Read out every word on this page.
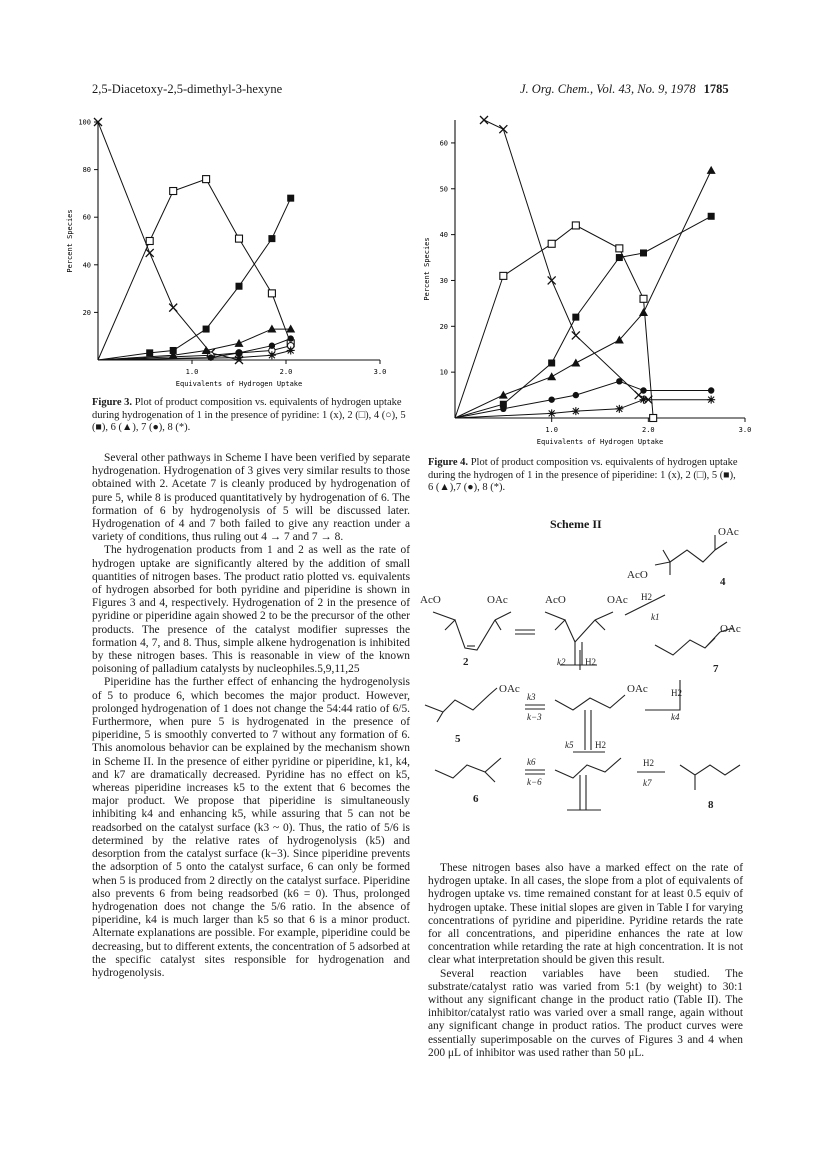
2,5-Diacetoxy-2,5-dimethyl-3-hexyne	J. Org. Chem., Vol. 43, No. 9, 1978 1785
1.0	2.0	3.0
20
40
60
80
100
Equivalents of Hydrogen Uptake
Percent Species
Figure 3. Plot of product composition vs. equivalents of hydrogen uptake during hydrogenation of 1 in the presence of pyridine: 1 (x), 2 (□), 4 (○), 5 (■), 6 (▲), 7 (●), 8 (*).	1.0	2.0	3.0
10
20
30
40
50
60
Equivalents of Hydrogen Uptake
Percent Species
Figure 4. Plot of product composition vs. equivalents of hydrogen uptake during the hydrogen of 1 in the presence of piperidine: 1 (x), 2 (□), 5 (■), 6 (▲),7 (●), 8 (*).

Several other pathways in Scheme I have been verified by separate hydrogenation. Hydrogenation of 3 gives very similar results to those obtained with 2. Acetate 7 is cleanly produced by hydrogenation of pure 5, while 8 is produced quantitatively by hydrogenation of 6. The formation of 6 by hydrogenolysis of 5 will be discussed later. Hydrogenation of 4 and 7 both failed to give any reaction under a variety of conditions, thus ruling out 4 → 7 and 7 → 8.

The hydrogenation products from 1 and 2 as well as the rate of hydrogen uptake are significantly altered by the addition of small quantities of nitrogen bases. The product ratio plotted vs. equivalents of hydrogen absorbed for both pyridine and piperidine is shown in Figures 3 and 4, respectively. Hydrogenation of 2 in the presence of pyridine or piperidine again showed 2 to be the precursor of the other products. The presence of the catalyst modifier supresses the formation 4, 7, and 8. Thus, simple alkene hydrogenation is inhibited by these nitrogen bases. This is reasonable in view of the known poisoning of palladium catalysts by nucleophiles.5,9,11,25

Piperidine has the further effect of enhancing the hydrogenolysis of 5 to produce 6, which becomes the major product. However, prolonged hydrogenation of 1 does not change the 54:44 ratio of 6/5. Furthermore, when pure 5 is hydrogenated in the presence of piperidine, 5 is smoothly converted to 7 without any formation of 6. This anomolous behavior can be explained by the mechanism shown in Scheme II. In the presence of either pyridine or piperidine, k1, k4, and k7 are dramatically decreased. Pyridine has no effect on k5, whereas piperidine increases k5 to the extent that 6 becomes the major product. We propose that piperidine is simultaneously inhibiting k4 and enhancing k5, while assuring that 5 can not be readsorbed on the catalyst surface (k3 ~ 0). Thus, the ratio of 5/6 is determined by the relative rates of hydrogenolysis (k5) and desorption from the catalyst surface (k−3). Since piperidine prevents the adsorption of 5 onto the catalyst surface, 6 can only be formed when 5 is produced from 2 directly on the catalyst surface. Piperidine also prevents 6 from being readsorbed (k6 = 0). Thus, prolonged hydrogenation does not change the 5/6 ratio. In the absence of piperidine, k4 is much larger than k5 so that 6 is a minor product. Alternate explanations are possible. For example, piperidine could be decreasing, but to different extents, the concentration of 5 adsorbed at the specific catalyst sites responsible for hydrogenation and hydrogenolysis.

Scheme II
OAc
AcO
4
AcO	OAc
2
AcO	OAc H2
k1
OAc
7
k2 H2
OAc
k3
k−3
OAc	H2
k4
5	k5 H2
k6
k−6
H2
k7
6	8

These nitrogen bases also have a marked effect on the rate of hydrogen uptake. In all cases, the slope from a plot of equivalents of hydrogen uptake vs. time remained constant for at least 0.5 equiv of hydrogen uptake. These initial slopes are given in Table I for varying concentrations of pyridine and piperidine. Pyridine retards the rate for all concentrations, and piperidine enhances the rate at low concentration while retarding the rate at high concentration. It is not clear what interpretation should be given this result.

Several reaction variables have been studied. The substrate/catalyst ratio was varied from 5:1 (by weight) to 30:1 without any significant change in the product ratio (Table II). The inhibitor/catalyst ratio was varied over a small range, again without any significant change in product ratios. The product curves were essentially superimposable on the curves of Figures 3 and 4 when 200 μL of inhibitor was used rather than 50 μL.
